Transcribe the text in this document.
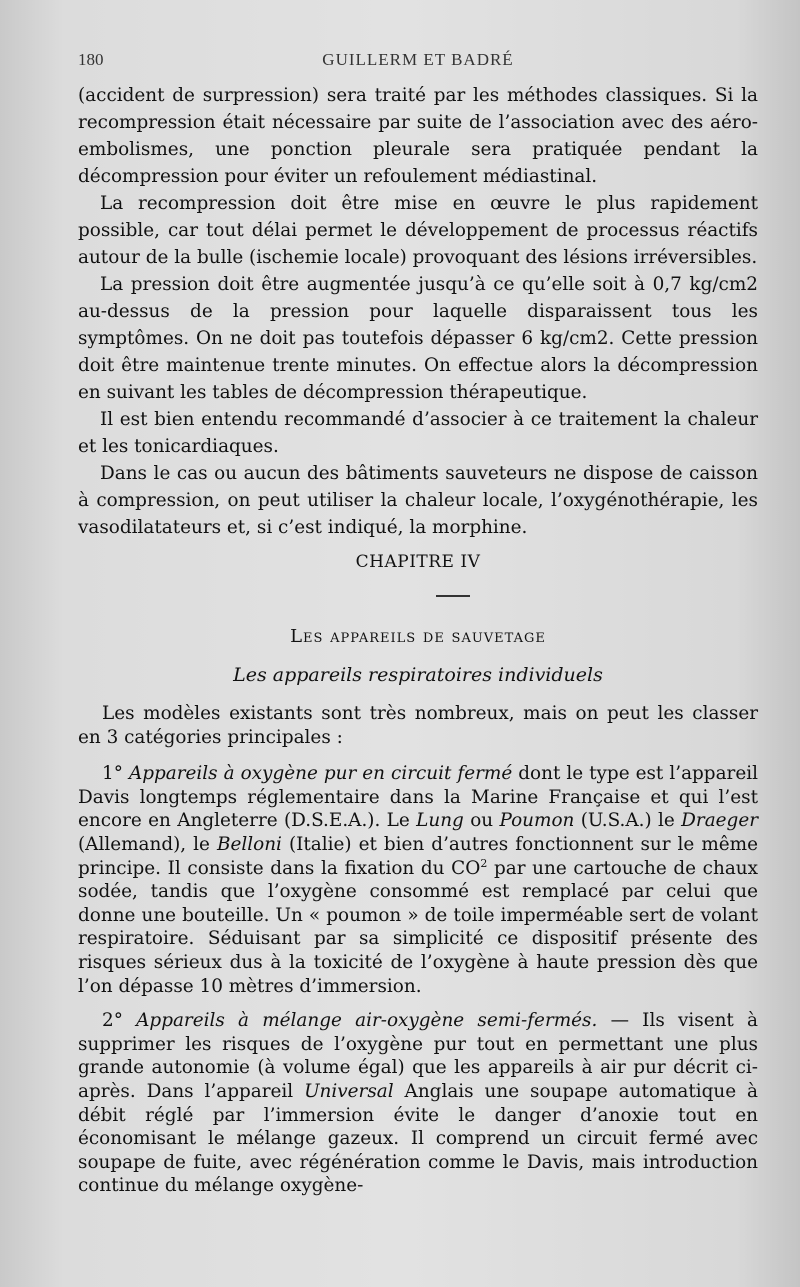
180	GUILLERM ET BADRÉ

(accident de surpression) sera traité par les méthodes classiques. Si la recompression était nécessaire par suite de l’association avec des aéro-embolismes, une ponction pleurale sera pratiquée pendant la décompression pour éviter un refoulement médiastinal.

La recompression doit être mise en œuvre le plus rapidement possible, car tout délai permet le développement de processus réactifs autour de la bulle (ischemie locale) provoquant des lésions irréversibles.

La pression doit être augmentée jusqu’à ce qu’elle soit à 0,7 kg/cm2 au-dessus de la pression pour laquelle disparaissent tous les symptômes. On ne doit pas toutefois dépasser 6 kg/cm2. Cette pression doit être maintenue trente minutes. On effectue alors la décompression en suivant les tables de décompression thérapeutique.

Il est bien entendu recommandé d’associer à ce traitement la chaleur et les tonicardiaques.

Dans le cas ou aucun des bâtiments sauveteurs ne dispose de caisson à compression, on peut utiliser la chaleur locale, l’oxygénothérapie, les vasodilatateurs et, si c’est indiqué, la morphine.

CHAPITRE IV
Les appareils de sauvetage
Les appareils respiratoires individuels

Les modèles existants sont très nombreux, mais on peut les classer en 3 catégories principales :

1° Appareils à oxygène pur en circuit fermé dont le type est l’appareil Davis longtemps réglementaire dans la Marine Française et qui l’est encore en Angleterre (D.S.E.A.). Le Lung ou Poumon (U.S.A.) le Draeger (Allemand), le Belloni (Italie) et bien d’autres fonctionnent sur le même principe. Il consiste dans la fixation du $CO^2$ par une cartouche de chaux sodée, tandis que l’oxygène consommé est remplacé par celui que donne une bouteille. Un « poumon » de toile imperméable sert de volant respiratoire. Séduisant par sa simplicité ce dispositif présente des risques sérieux dus à la toxicité de l’oxygène à haute pression dès que l’on dépasse 10 mètres d’immersion.

2° Appareils à mélange air-oxygène semi-fermés. — Ils visent à supprimer les risques de l’oxygène pur tout en permettant une plus grande autonomie (à volume égal) que les appareils à air pur décrit ci-après. Dans l’appareil Universal Anglais une soupape automatique à débit réglé par l’immersion évite le danger d’anoxie tout en économisant le mélange gazeux. Il comprend un circuit fermé avec soupape de fuite, avec régénération comme le Davis, mais introduction continue du mélange oxygène-
